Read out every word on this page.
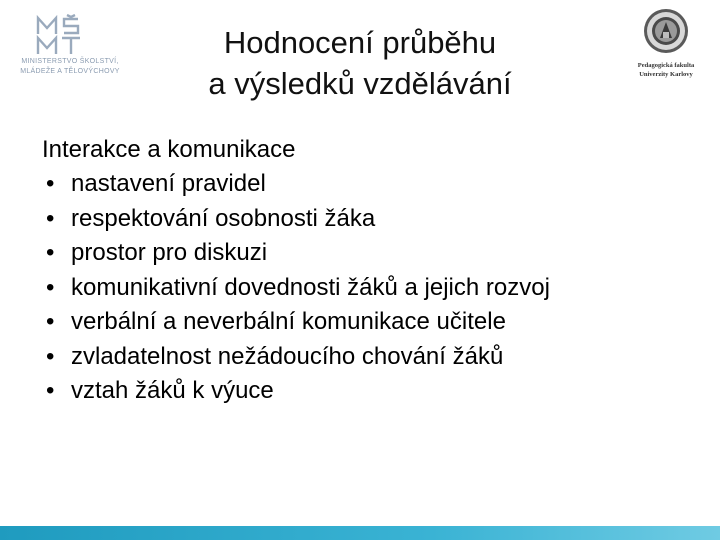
MINISTERSTVO ŠKOLSTVÍ,
MLÁDEŽE A TĚLOVÝCHOVY
Hodnocení průběhu
a výsledků vzdělávání
Pedagogická fakulta
Univerzity Karlovy
Interakce a komunikace
• nastavení pravidel
• respektování osobnosti žáka
• prostor pro diskuzi
• komunikativní dovednosti žáků a jejich rozvoj
• verbální a neverbální komunikace učitele
• zvladatelnost nežádoucího chování žáků
• vztah žáků k výuce
